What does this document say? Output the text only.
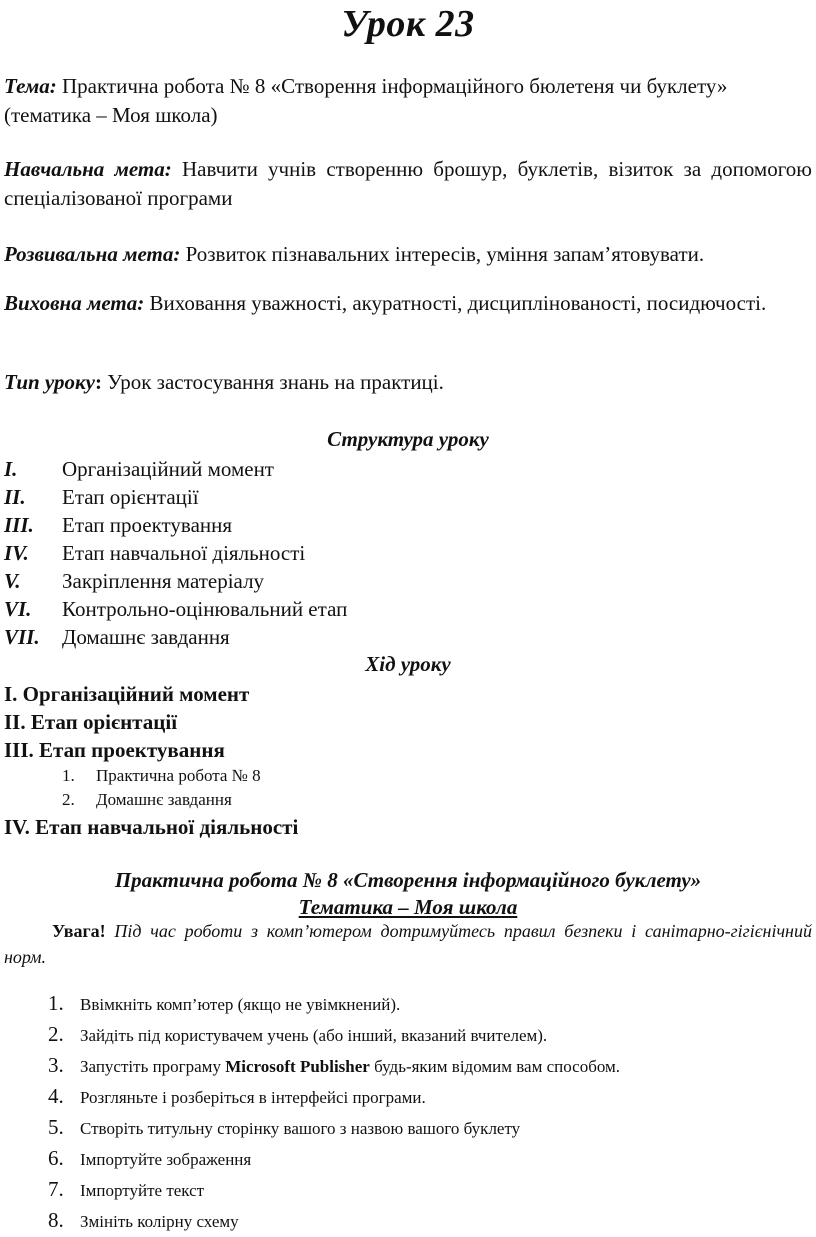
Урок 23

Тема: Практична робота № 8 «Створення інформаційного бюлетеня чи буклету» (тематика – Моя школа)

Навчальна мета: Навчити учнів створенню брошур, буклетів, візиток за допомогою спеціалізованої програми

Розвивальна мета: Розвиток пізнавальних інтересів, уміння запам’ятовувати.

Виховна мета: Виховання уважності, акуратності, дисциплінованості, посидючості.

Тип уроку: Урок застосування знань на практиці.

Структура уроку
I. Організаційний момент
II. Етап орієнтації
III. Етап проектування
IV. Етап навчальної діяльності
V. Закріплення матеріалу
VI. Контрольно-оцінювальний етап
VII. Домашнє завдання
Хід уроку
I. Організаційний момент
II. Етап орієнтації
III. Етап проектування
1. Практична робота № 8
2. Домашнє завдання
IV. Етап навчальної діяльності
Практична робота № 8 «Створення інформаційного буклету»
Тематика – Моя школа

Увага! Під час роботи з комп’ютером дотримуйтесь правил безпеки і санітарно-гігієнічний норм.

1. Ввімкніть комп’ютер (якщо не увімкнений).
2. Зайдіть під користувачем учень (або інший, вказаний вчителем).
3. Запустіть програму Microsoft Publisher будь-яким відомим вам способом.
4. Розгляньте і розберіться в інтерфейсі програми.
5. Створіть титульну сторінку вашого з назвою вашого буклету
6. Імпортуйте зображення
7. Імпортуйте текст
8. Змініть колірну схему
